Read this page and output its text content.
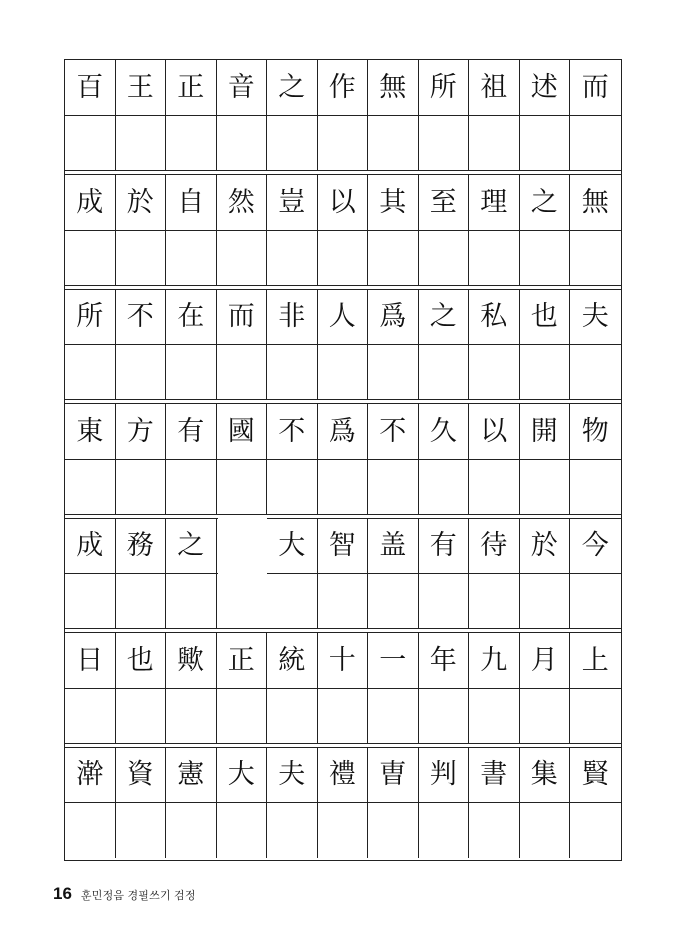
百 王 正 音 之 作 無 所 祖 述 而
成 於 自 然 豈 以 其 至 理 之 無
所 不 在 而 非 人 爲 之 私 也 夫
東 方 有 國 不 爲 不 久 以 開 物
成 務 之	大 智 盖 有 待 於 今
日 也 歟 正 統 十 一 年 九 月 上
澣 資 憲 大 夫 禮 曺 判 書 集 賢
16 훈민정음 경필쓰기 검정
